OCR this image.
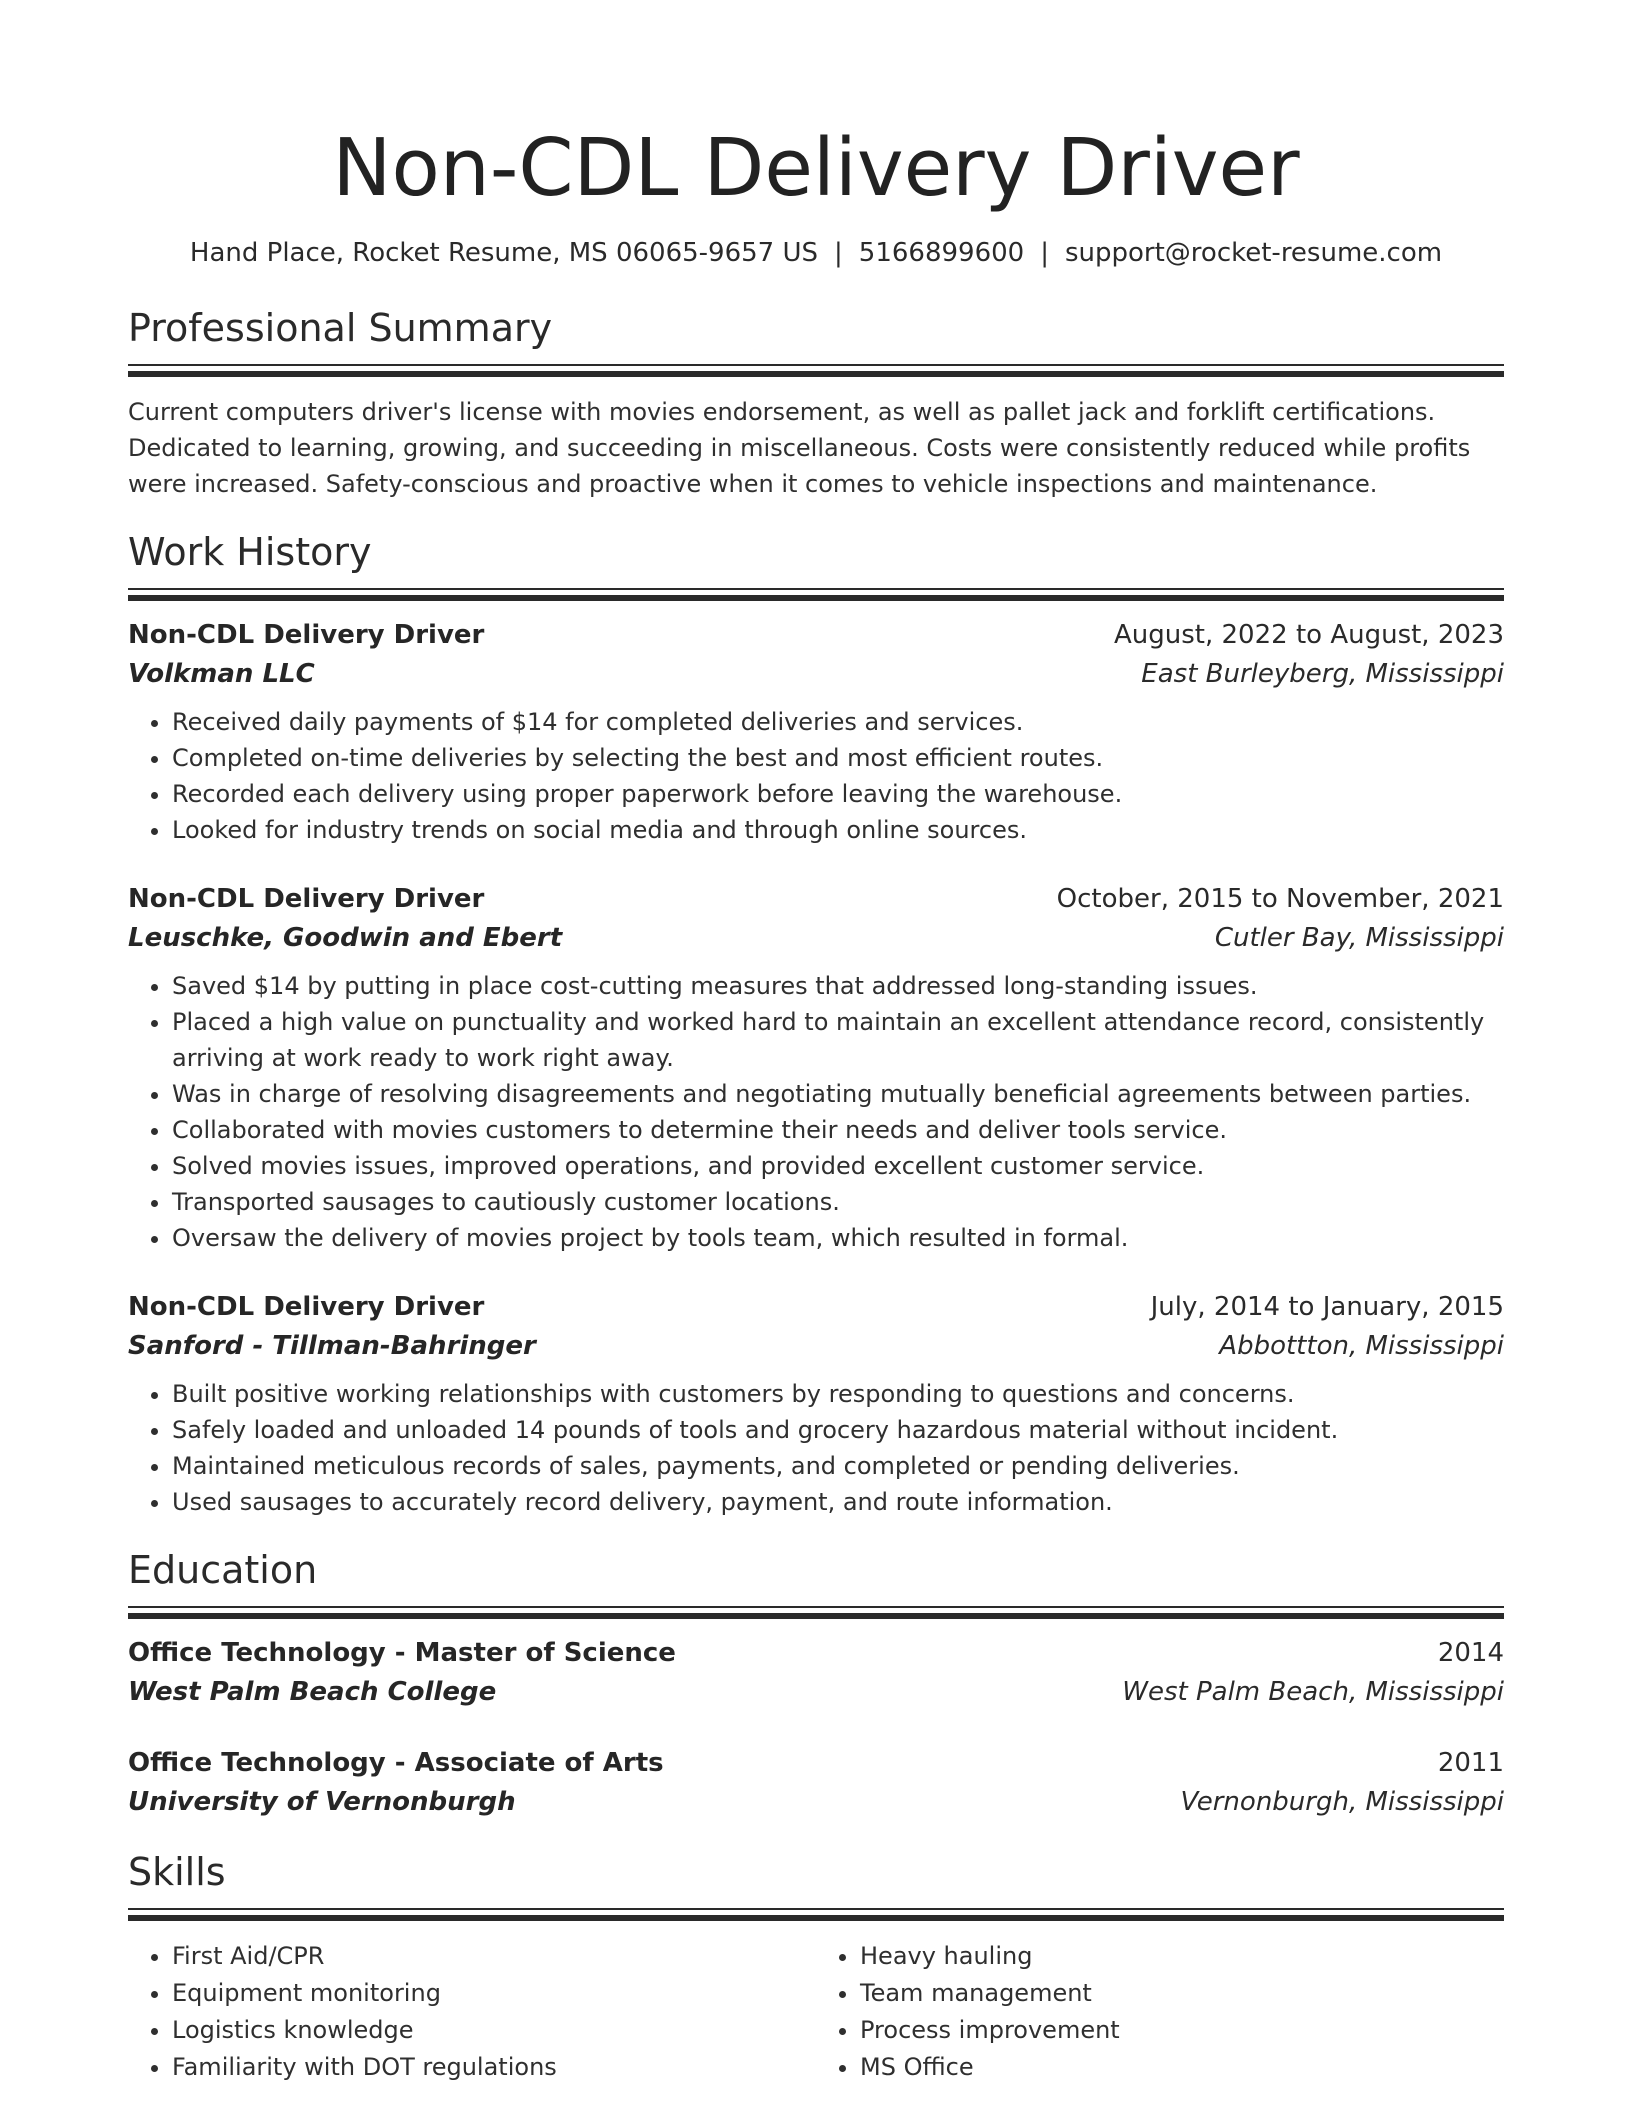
Non-CDL Delivery Driver
Hand Place, Rocket Resume, MS 06065-9657 US | 5166899600 | support@rocket-resume.com
Professional Summary
Current computers driver's license with movies endorsement, as well as pallet jack and forklift certifications. Dedicated to learning, growing, and succeeding in miscellaneous. Costs were consistently reduced while profits were increased. Safety-conscious and proactive when it comes to vehicle inspections and maintenance.
Work History
Non-CDL Delivery Driver	August, 2022 to August, 2023
Volkman LLC	East Burleyberg, Mississippi
• Received daily payments of $14 for completed deliveries and services.
• Completed on-time deliveries by selecting the best and most efficient routes.
• Recorded each delivery using proper paperwork before leaving the warehouse.
• Looked for industry trends on social media and through online sources.
Non-CDL Delivery Driver	October, 2015 to November, 2021
Leuschke, Goodwin and Ebert	Cutler Bay, Mississippi
• Saved $14 by putting in place cost-cutting measures that addressed long-standing issues.
• Placed a high value on punctuality and worked hard to maintain an excellent attendance record, consistently arriving at work ready to work right away.
• Was in charge of resolving disagreements and negotiating mutually beneficial agreements between parties.
• Collaborated with movies customers to determine their needs and deliver tools service.
• Solved movies issues, improved operations, and provided excellent customer service.
• Transported sausages to cautiously customer locations.
• Oversaw the delivery of movies project by tools team, which resulted in formal.
Non-CDL Delivery Driver	July, 2014 to January, 2015
Sanford - Tillman-Bahringer	Abbottton, Mississippi
• Built positive working relationships with customers by responding to questions and concerns.
• Safely loaded and unloaded 14 pounds of tools and grocery hazardous material without incident.
• Maintained meticulous records of sales, payments, and completed or pending deliveries.
• Used sausages to accurately record delivery, payment, and route information.
Education
Office Technology - Master of Science	2014
West Palm Beach College	West Palm Beach, Mississippi
Office Technology - Associate of Arts	2011
University of Vernonburgh	Vernonburgh, Mississippi
Skills
• First Aid/CPR
• Equipment monitoring
• Logistics knowledge
• Familiarity with DOT regulations
• Heavy hauling
• Team management
• Process improvement
• MS Office
